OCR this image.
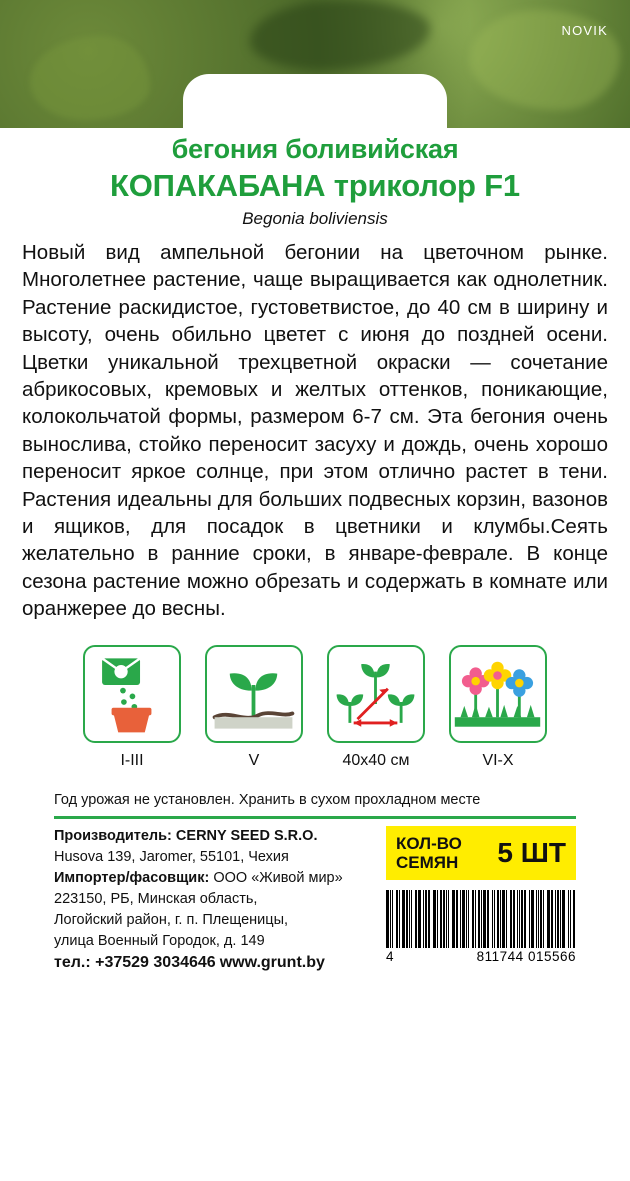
NOVIK
бегония боливийская
КОПАКАБАНА триколор F1
Begonia boliviensis
Новый вид ампельной бегонии на цветочном рынке. Многолетнее растение, чаще выращивается как однолетник. Растение раскидистое, густоветвистое, до 40 см в ширину и высоту, очень обильно цветет с июня до поздней осени. Цветки уникальной трехцветной окраски — сочетание абрикосовых, кремовых и желтых оттенков, поникающие, колокольчатой формы, размером 6-7 см. Эта бегония очень вынослива, стойко переносит засуху и дождь, очень хорошо переносит яркое солнце, при этом отлично растет в тени. Растения идеальны для больших подвесных корзин, вазонов и ящиков, для посадок в цветники и клумбы.Сеять желательно в ранние сроки, в январе-феврале. В конце сезона растение можно обрезать и содержать в комнате или оранжерее до весны.
I-III	V	40х40 см	VI-X
Год урожая не установлен. Хранить в сухом прохладном месте
Производитель: CERNY SEED S.R.O.
Husova 139, Jaromer, 55101, Чехия
Импортер/фасовщик: ООО «Живой мир»
223150, РБ, Минская область,
Логойский район, г. п. Плещеницы,
улица Военный Городок, д. 149
тел.: +37529 3034646 www.grunt.by
КОЛ-ВО
СЕМЯН 5 ШТ
4	811744 015566
